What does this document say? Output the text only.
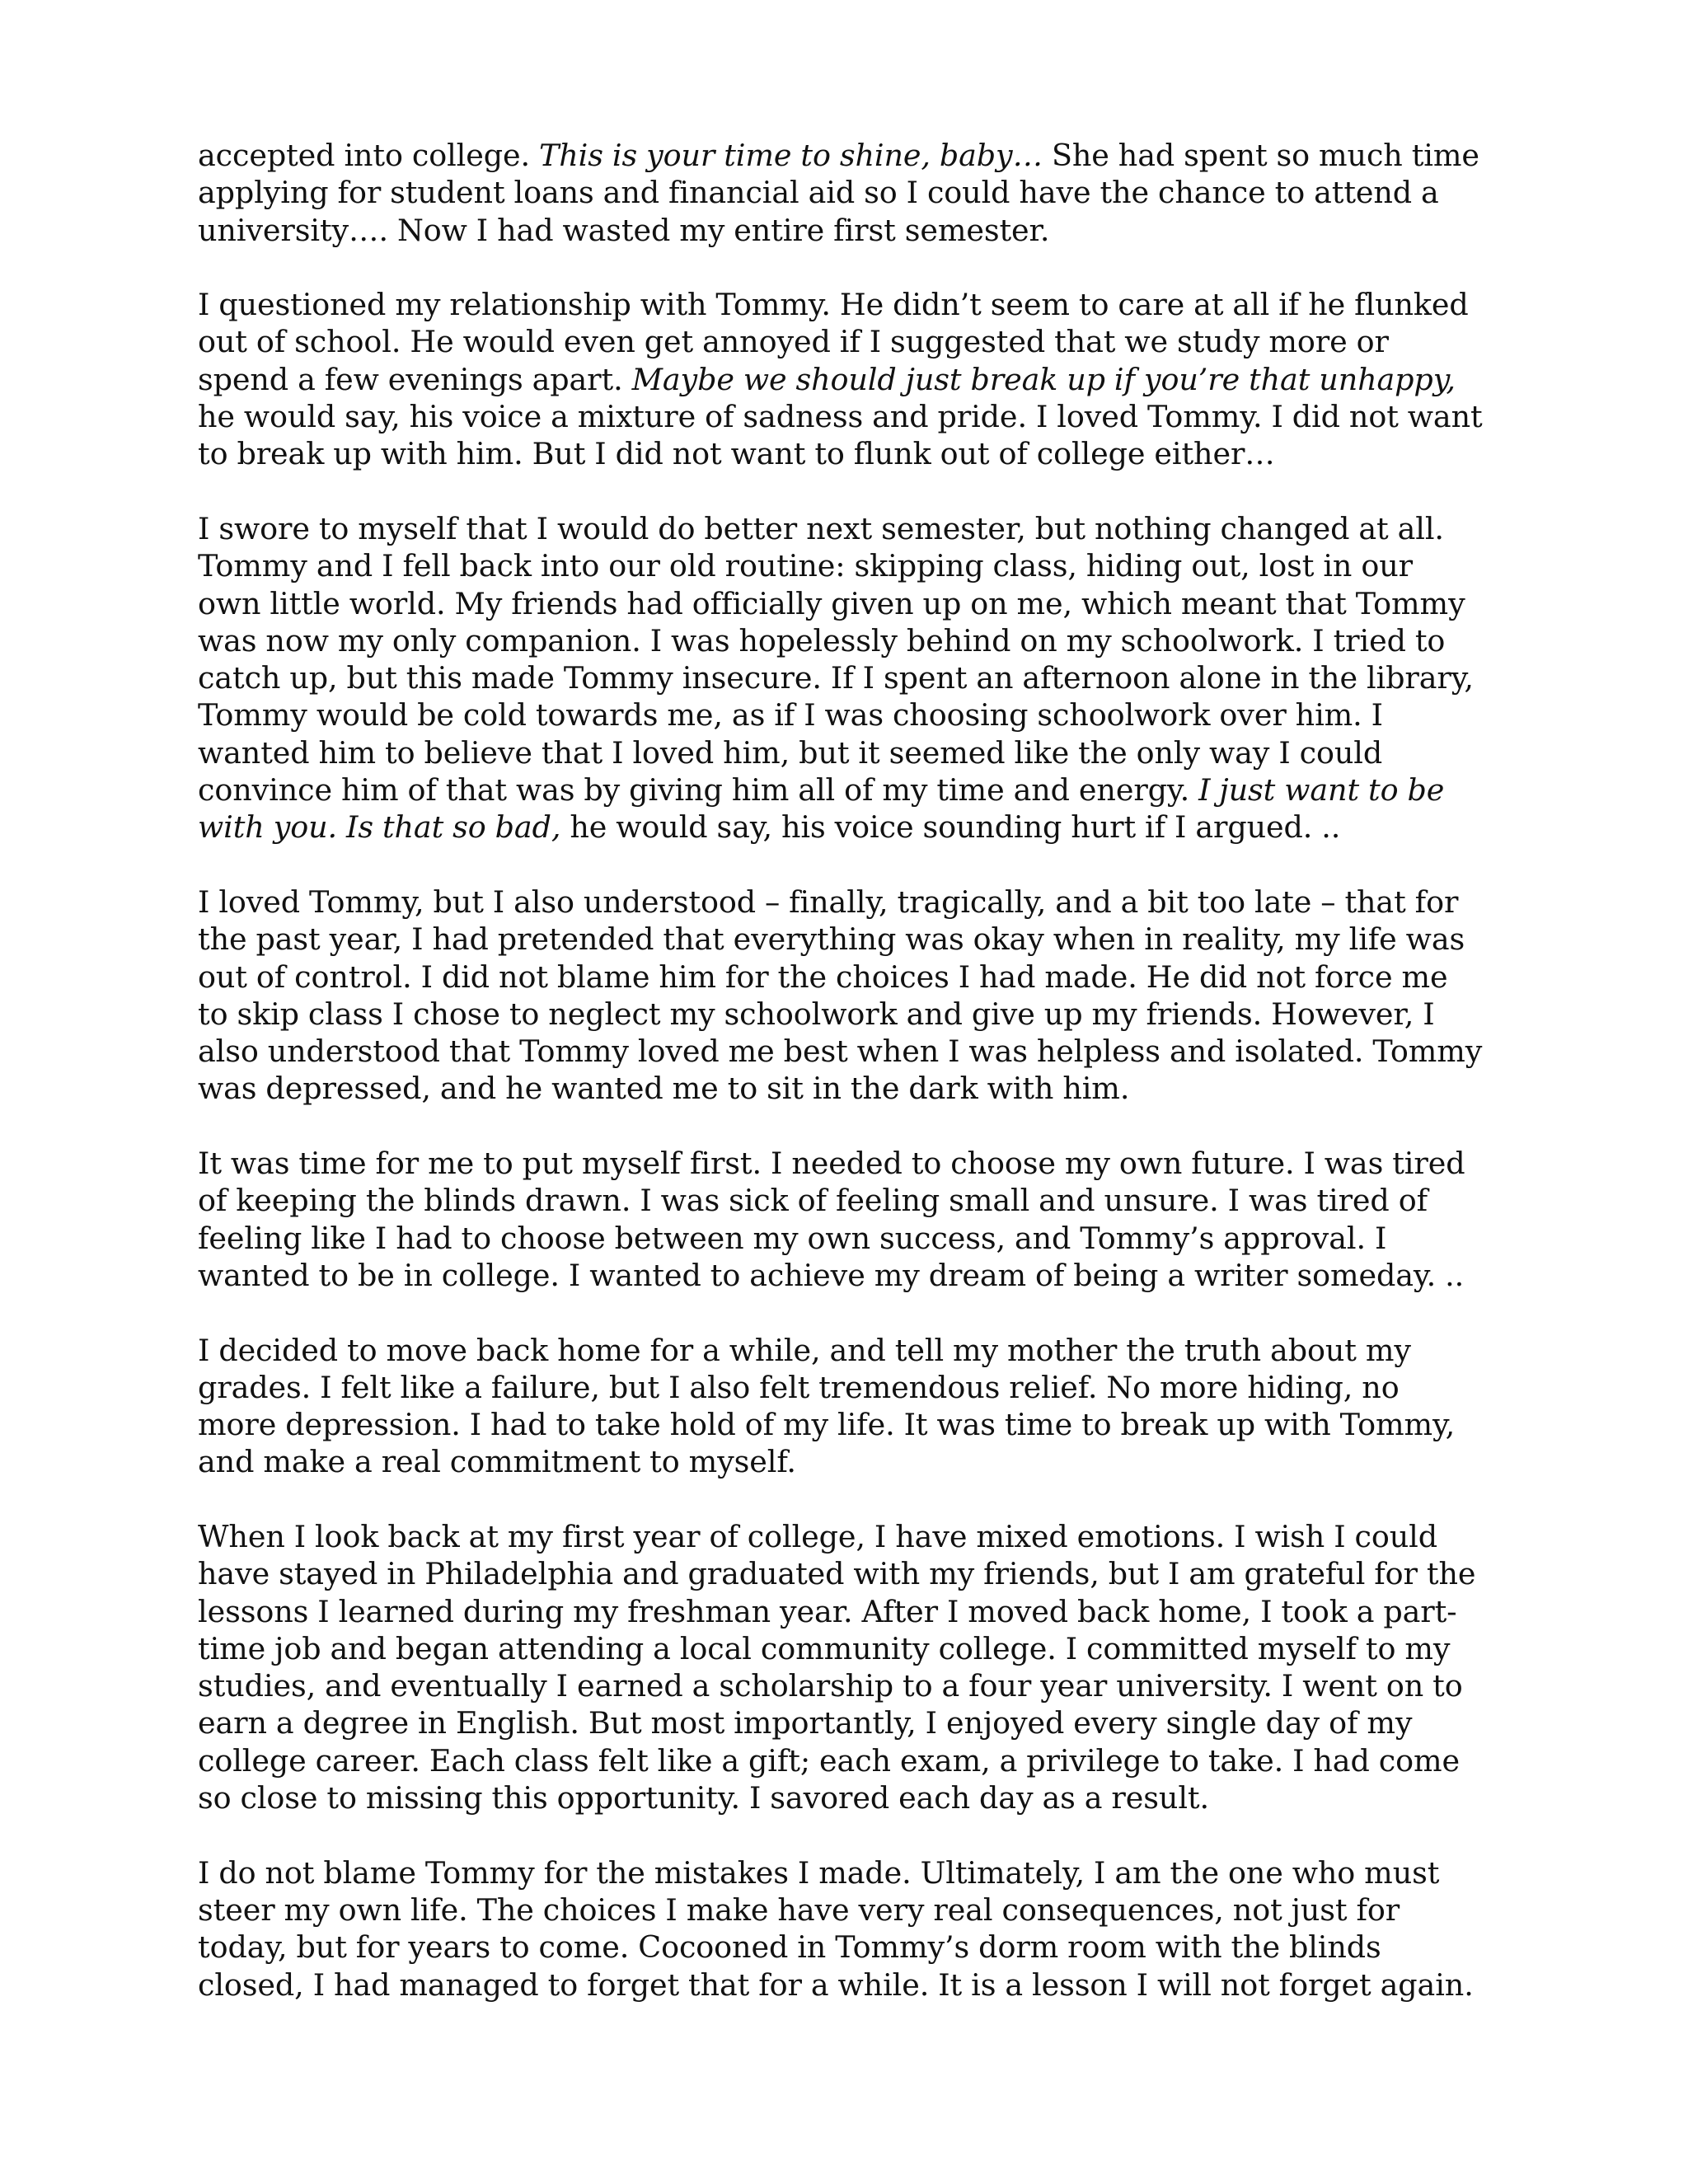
accepted into college. This is your time to shine, baby… She had spent so much time applying for student loans and financial aid so I could have the chance to attend a university…. Now I had wasted my entire first semester.

I questioned my relationship with Tommy. He didn’t seem to care at all if he flunked out of school. He would even get annoyed if I suggested that we study more or spend a few evenings apart. Maybe we should just break up if you’re that unhappy, he would say, his voice a mixture of sadness and pride. I loved Tommy. I did not want to break up with him. But I did not want to flunk out of college either…

I swore to myself that I would do better next semester, but nothing changed at all. Tommy and I fell back into our old routine: skipping class, hiding out, lost in our own little world. My friends had officially given up on me, which meant that Tommy was now my only companion. I was hopelessly behind on my schoolwork. I tried to catch up, but this made Tommy insecure. If I spent an afternoon alone in the library, Tommy would be cold towards me, as if I was choosing schoolwork over him. I wanted him to believe that I loved him, but it seemed like the only way I could convince him of that was by giving him all of my time and energy. I just want to be with you. Is that so bad, he would say, his voice sounding hurt if I argued. ..

I loved Tommy, but I also understood – finally, tragically, and a bit too late – that for the past year, I had pretended that everything was okay when in reality, my life was out of control. I did not blame him for the choices I had made. He did not force me to skip class I chose to neglect my schoolwork and give up my friends. However, I also understood that Tommy loved me best when I was helpless and isolated. Tommy was depressed, and he wanted me to sit in the dark with him.

It was time for me to put myself first. I needed to choose my own future. I was tired of keeping the blinds drawn. I was sick of feeling small and unsure. I was tired of feeling like I had to choose between my own success, and Tommy’s approval. I wanted to be in college. I wanted to achieve my dream of being a writer someday. ..

I decided to move back home for a while, and tell my mother the truth about my grades. I felt like a failure, but I also felt tremendous relief. No more hiding, no more depression. I had to take hold of my life. It was time to break up with Tommy, and make a real commitment to myself.

When I look back at my first year of college, I have mixed emotions. I wish I could have stayed in Philadelphia and graduated with my friends, but I am grateful for the lessons I learned during my freshman year. After I moved back home, I took a part-time job and began attending a local community college. I committed myself to my studies, and eventually I earned a scholarship to a four year university. I went on to earn a degree in English. But most importantly, I enjoyed every single day of my college career. Each class felt like a gift; each exam, a privilege to take. I had come so close to missing this opportunity. I savored each day as a result.

I do not blame Tommy for the mistakes I made. Ultimately, I am the one who must steer my own life. The choices I make have very real consequences, not just for today, but for years to come. Cocooned in Tommy’s dorm room with the blinds closed, I had managed to forget that for a while. It is a lesson I will not forget again.
